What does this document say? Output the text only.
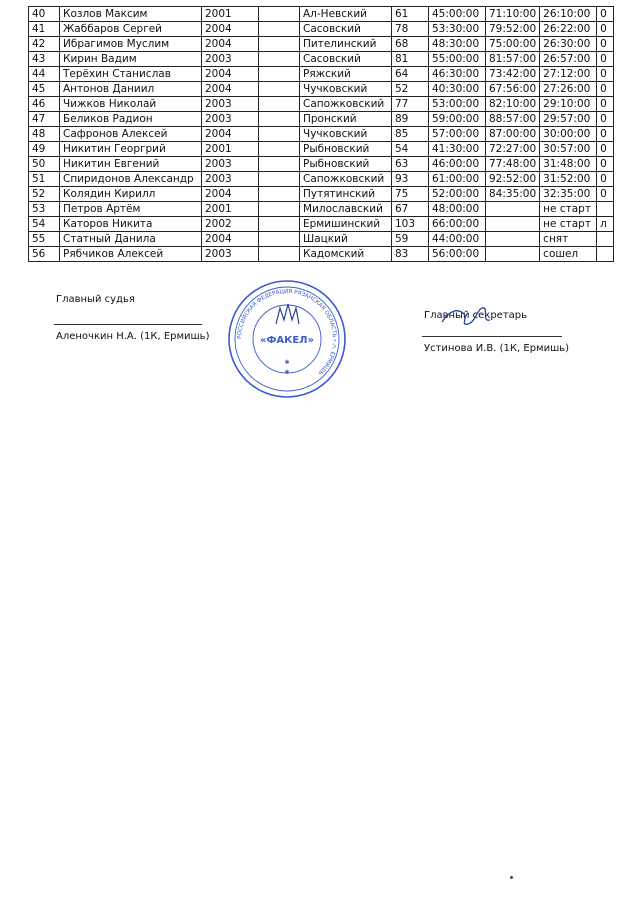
40	Козлов Максим	2001		Ал-Невский	61	45:00:00	71:10:00	26:10:00	0
41	Жаббаров Сергей	2004		Сасовский	78	53:30:00	79:52:00	26:22:00	0
42	Ибрагимов Муслим	2004		Пителинский	68	48:30:00	75:00:00	26:30:00	0
43	Кирин Вадим	2003		Сасовский	81	55:00:00	81:57:00	26:57:00	0
44	Терёхин Станислав	2004		Ряжский	64	46:30:00	73:42:00	27:12:00	0
45	Антонов Даниил	2004		Чучковский	52	40:30:00	67:56:00	27:26:00	0
46	Чижков Николай	2003		Сапожковский	77	53:00:00	82:10:00	29:10:00	0
47	Беликов Радион	2003		Пронский	89	59:00:00	88:57:00	29:57:00	0
48	Сафронов Алексей	2004		Чучковский	85	57:00:00	87:00:00	30:00:00	0
49	Никитин Георгрий	2001		Рыбновский	54	41:30:00	72:27:00	30:57:00	0
50	Никитин Евгений	2003		Рыбновский	63	46:00:00	77:48:00	31:48:00	0
51	Спиридонов Александр	2003		Сапожковский	93	61:00:00	92:52:00	31:52:00	0
52	Колядин Кирилл	2004		Путятинский	75	52:00:00	84:35:00	32:35:00	0
53	Петров Артём	2001		Милославский	67	48:00:00		не старт	
54	Каторов Никита	2002		Ермишинский	103	66:00:00		не старт	л
55	Статный Данила	2004		Шацкий	59	44:00:00		снят	
56	Рябчиков Алексей	2003		Кадомский	83	56:00:00		сошел	
Главный судья
Аленочкин Н.А. (1К, Ермишь)
Главный секретарь
Устинова И.В. (1К, Ермишь)
РОССИЙСКАЯ ФЕДЕРАЦИЯ РЯЗАНСКАЯ ОБЛАСТЬ г.п. ЕРМИШЬ
«ФАКЕЛ»
✱
✱
